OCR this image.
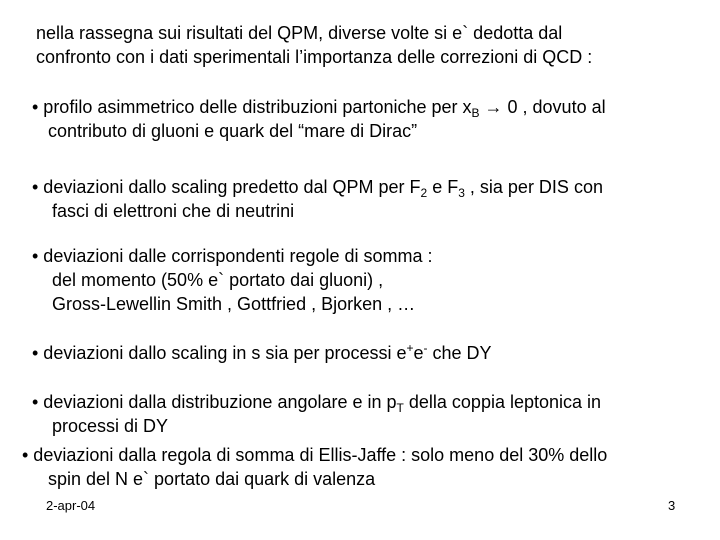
nella rassegna sui risultati del QPM, diverse volte si e` dedotta dal
confronto con i dati sperimentali l’importanza delle correzioni di QCD :
• profilo asimmetrico delle distribuzioni partoniche per $x_B \to 0$ , dovuto al
contributo di gluoni e quark del “mare di Dirac”
• deviazioni dallo scaling predetto dal QPM per $F_2$ e $F_3$ , sia per DIS con
fasci di elettroni che di neutrini
• deviazioni dalle corrispondenti regole di somma :
del momento (50% e` portato dai gluoni) ,
Gross-Lewellin Smith , Gottfried , Bjorken , …
• deviazioni dallo scaling in s sia per processi e+e- che DY
• deviazioni dalla distribuzione angolare e in $p_T$ della coppia leptonica in
processi di DY
• deviazioni dalla regola di somma di Ellis-Jaffe : solo meno del 30% dello
spin del N e` portato dai quark di valenza
2-apr-04	3
